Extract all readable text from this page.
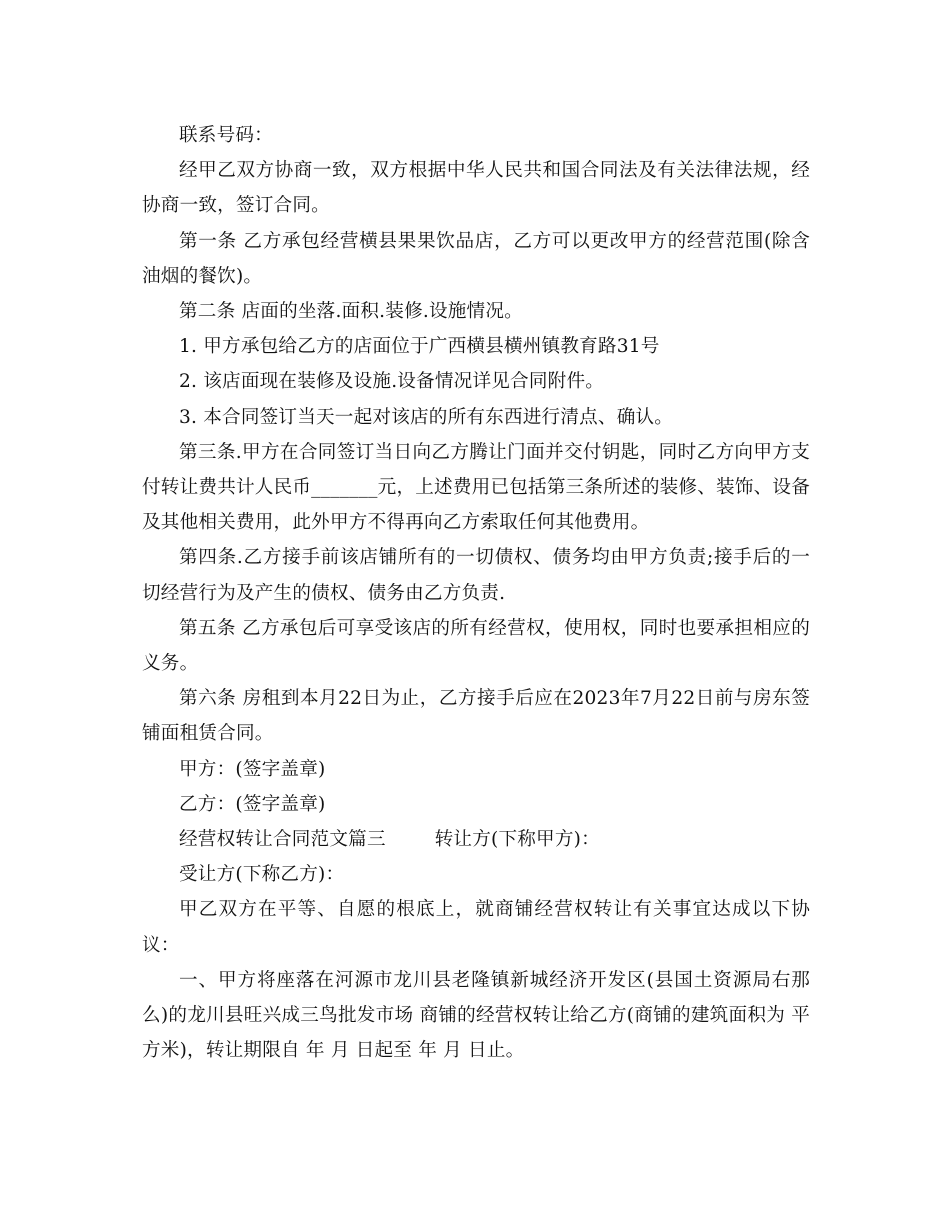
联系号码：

经甲乙双方协商一致，双方根据中华人民共和国合同法及有关法律法规，经协商一致，签订合同。

第一条 乙方承包经营横县果果饮品店，乙方可以更改甲方的经营范围(除含油烟的餐饮)。

第二条 店面的坐落.面积.装修.设施情况。

1. 甲方承包给乙方的店面位于广西横县横州镇教育路31号

2. 该店面现在装修及设施.设备情况详见合同附件。

3. 本合同签订当天一起对该店的所有东西进行清点、确认。

第三条.甲方在合同签订当日向乙方腾让门面并交付钥匙，同时乙方向甲方支付转让费共计人民币_______元，上述费用已包括第三条所述的装修、装饰、设备及其他相关费用，此外甲方不得再向乙方索取任何其他费用。

第四条.乙方接手前该店铺所有的一切债权、债务均由甲方负责;接手后的一切经营行为及产生的债权、债务由乙方负责.

第五条 乙方承包后可享受该店的所有经营权，使用权，同时也要承担相应的义务。

第六条 房租到本月22日为止，乙方接手后应在2023年7月22日前与房东签铺面租赁合同。

甲方：(签字盖章)

乙方：(签字盖章)

经营权转让合同范文篇三        转让方(下称甲方)：

受让方(下称乙方)：

甲乙双方在平等、自愿的根底上，就商铺经营权转让有关事宜达成以下协议：

一、甲方将座落在河源市龙川县老隆镇新城经济开发区(县国土资源局右那么)的龙川县旺兴成三鸟批发市场 商铺的经营权转让给乙方(商铺的建筑面积为 平方米)，转让期限自 年 月 日起至 年 月 日止。
